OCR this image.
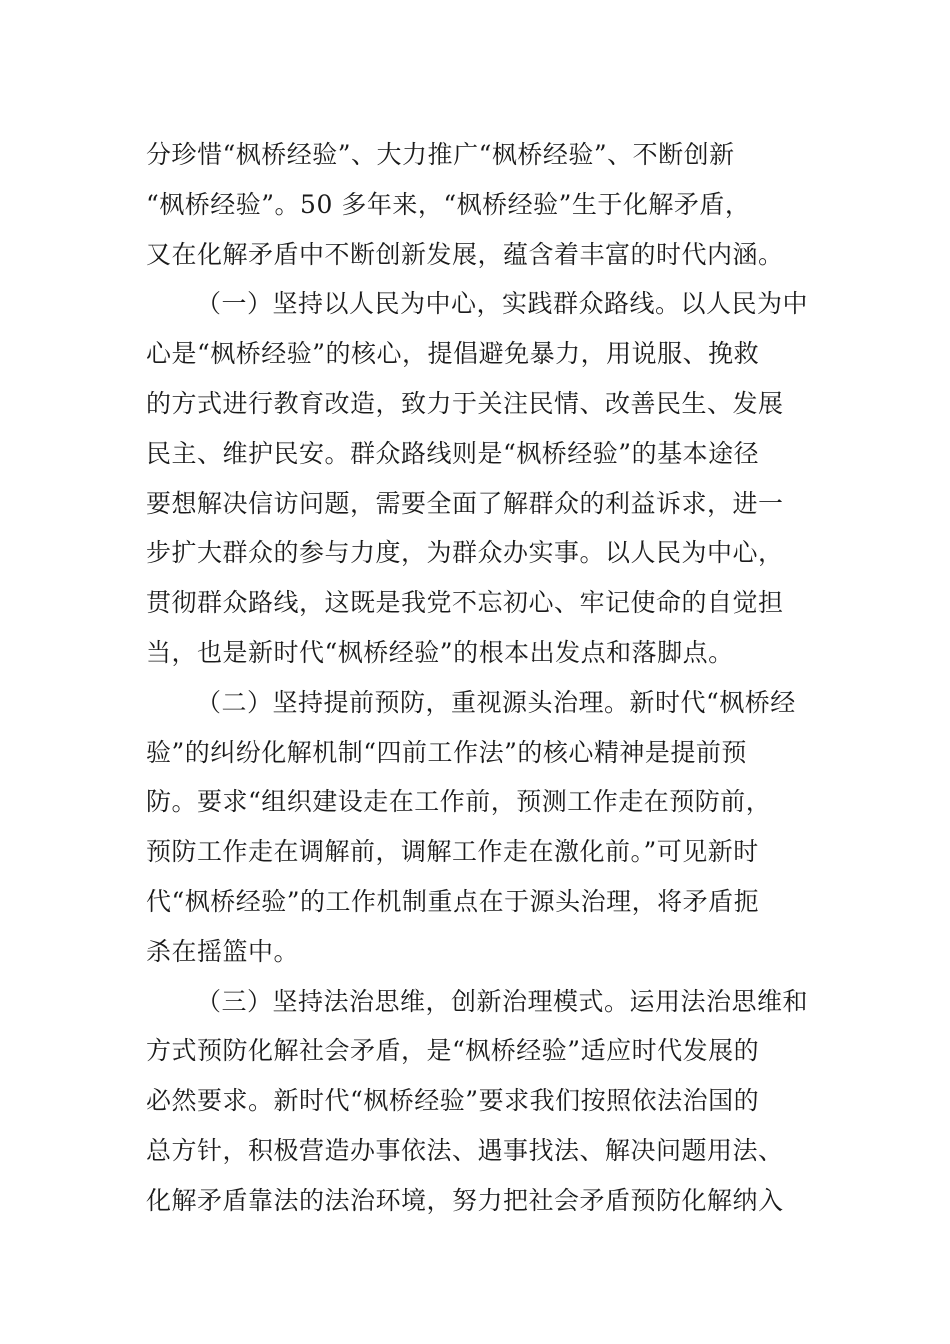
分珍惜“枫桥经验”、大力推广“枫桥经验”、不断创新
“枫桥经验”。50 多年来，“枫桥经验”生于化解矛盾，
又在化解矛盾中不断创新发展，蕴含着丰富的时代内涵。
（一）坚持以人民为中心，实践群众路线。以人民为中
心是“枫桥经验”的核心，提倡避免暴力，用说服、挽救
的方式进行教育改造，致力于关注民情、改善民生、发展
民主、维护民安。群众路线则是“枫桥经验”的基本途径
要想解决信访问题，需要全面了解群众的利益诉求，进一
步扩大群众的参与力度，为群众办实事。以人民为中心，
贯彻群众路线，这既是我党不忘初心、牢记使命的自觉担
当，也是新时代“枫桥经验”的根本出发点和落脚点。
（二）坚持提前预防，重视源头治理。新时代“枫桥经
验”的纠纷化解机制“四前工作法”的核心精神是提前预
防。要求“组织建设走在工作前，预测工作走在预防前，
预防工作走在调解前，调解工作走在激化前。”可见新时
代“枫桥经验”的工作机制重点在于源头治理，将矛盾扼
杀在摇篮中。
（三）坚持法治思维，创新治理模式。运用法治思维和
方式预防化解社会矛盾，是“枫桥经验”适应时代发展的
必然要求。新时代“枫桥经验”要求我们按照依法治国的
总方针，积极营造办事依法、遇事找法、解决问题用法、
化解矛盾靠法的法治环境，努力把社会矛盾预防化解纳入
